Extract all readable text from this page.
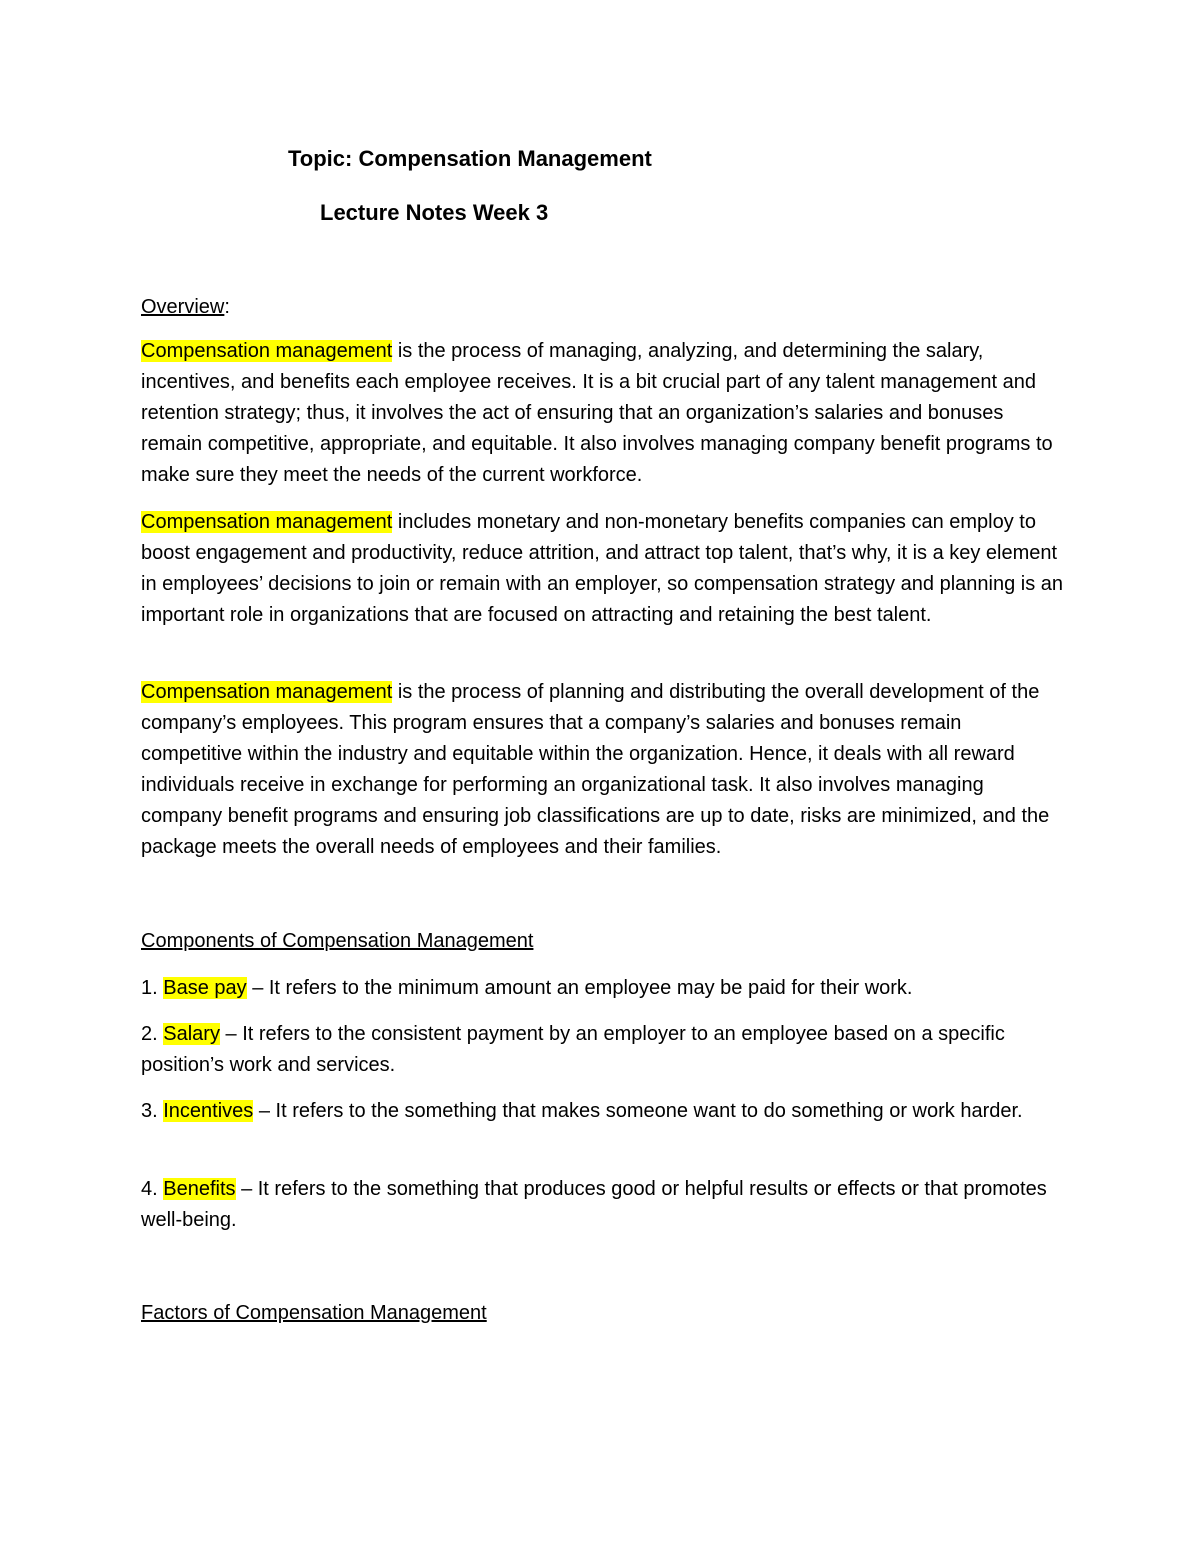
Topic: Compensation Management
Lecture Notes Week 3
Overview:

Compensation management is the process of managing, analyzing, and determining the salary, incentives, and benefits each employee receives. It is a bit crucial part of any talent management and retention strategy; thus, it involves the act of ensuring that an organization’s salaries and bonuses remain competitive, appropriate, and equitable. It also involves managing company benefit programs to make sure they meet the needs of the current workforce.

Compensation management includes monetary and non-monetary benefits companies can employ to boost engagement and productivity, reduce attrition, and attract top talent, that’s why, it is a key element in employees’ decisions to join or remain with an employer, so compensation strategy and planning is an important role in organizations that are focused on attracting and retaining the best talent.

Compensation management is the process of planning and distributing the overall development of the company’s employees. This program ensures that a company’s salaries and bonuses remain competitive within the industry and equitable within the organization. Hence, it deals with all reward individuals receive in exchange for performing an organizational task. It also involves managing company benefit programs and ensuring job classifications are up to date, risks are minimized, and the package meets the overall needs of employees and their families.

Components of Compensation Management

1. Base pay – It refers to the minimum amount an employee may be paid for their work.

2. Salary – It refers to the consistent payment by an employer to an employee based on a specific position’s work and services.

3. Incentives – It refers to the something that makes someone want to do something or work harder.

4. Benefits – It refers to the something that produces good or helpful results or effects or that promotes well-being.

Factors of Compensation Management
